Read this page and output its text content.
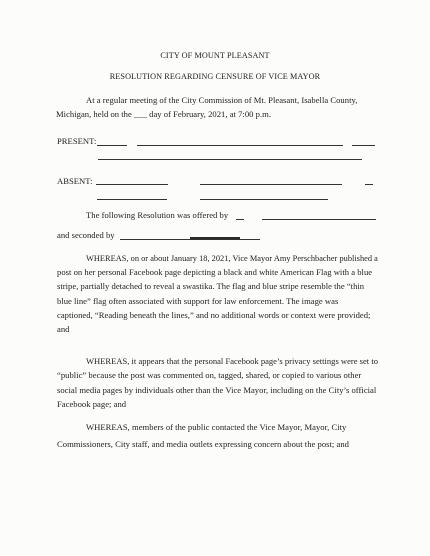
CITY OF MOUNT PLEASANT
RESOLUTION REGARDING CENSURE OF VICE MAYOR
At a regular meeting of the City Commission of Mt. Pleasant, Isabella County,
Michigan, held on the ___ day of February, 2021, at 7:00 p.m.
PRESENT:
ABSENT:
The following Resolution was offered by
and seconded by
WHEREAS, on or about January 18, 2021, Vice Mayor Amy Perschbacher published a
post on her personal Facebook page depicting a black and white American Flag with a blue
stripe, partially detached to reveal a swastika. The flag and blue stripe resemble the “thin
blue line” flag often associated with support for law enforcement. The image was
captioned, “Reading beneath the lines,” and no additional words or context were provided;
and
WHEREAS, it appears that the personal Facebook page’s privacy settings were set to
“public” because the post was commented on, tagged, shared, or copied to various other
social media pages by individuals other than the Vice Mayor, including on the City’s official
Facebook page; and
WHEREAS, members of the public contacted the Vice Mayor, Mayor, City
Commissioners, City staff, and media outlets expressing concern about the post; and
